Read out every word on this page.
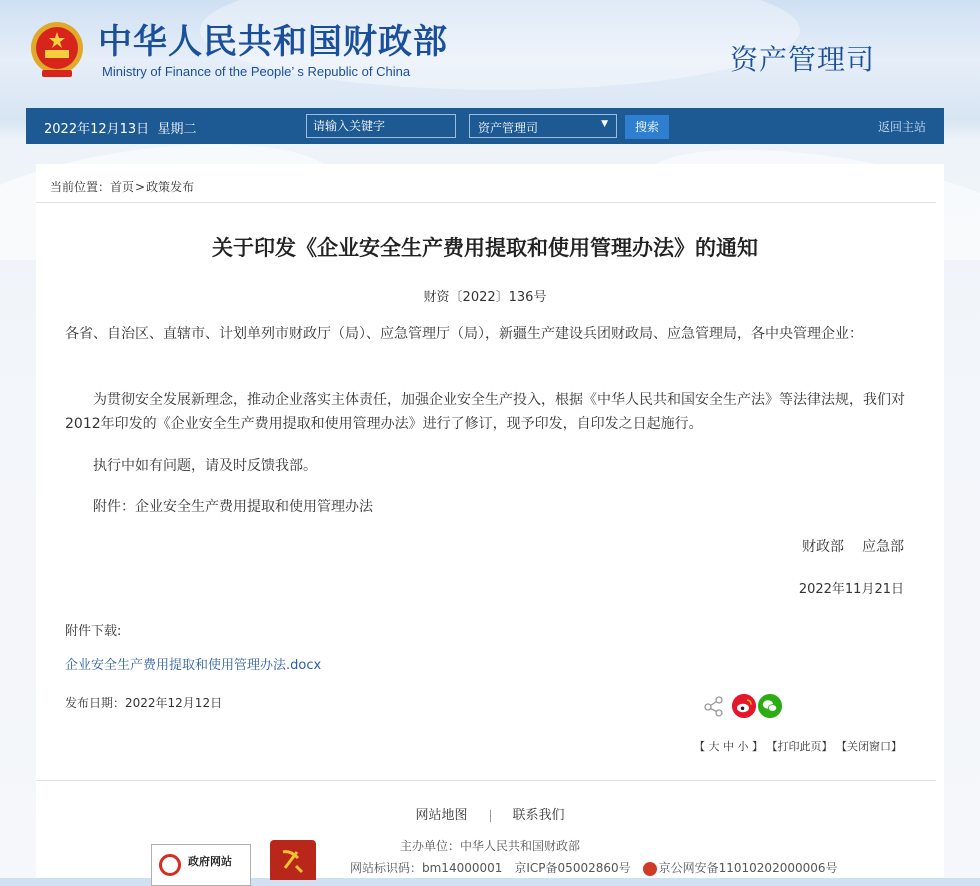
中华人民共和国财政部
Ministry of Finance of the People’ s Republic of China	资产管理司
2022年12月13日 星期二
请输入关键字	资产管理司	▼	搜索	返回主站
当前位置：首页>政策发布
关于印发《企业安全生产费用提取和使用管理办法》的通知
财资〔2022〕136号

各省、自治区、直辖市、计划单列市财政厅（局）、应急管理厅（局），新疆生产建设兵团财政局、应急管理局，各中央管理企业：

为贯彻安全发展新理念，推动企业落实主体责任，加强企业安全生产投入，根据《中华人民共和国安全生产法》等法律法规，我们对2012年印发的《企业安全生产费用提取和使用管理办法》进行了修订，现予印发，自印发之日起施行。

执行中如有问题，请及时反馈我部。

附件：企业安全生产费用提取和使用管理办法

财政部 应急部
2022年11月21日
附件下载:
企业安全生产费用提取和使用管理办法.docx
发布日期：2022年12月12日
【 大 中 小 】 【打印此页】 【关闭窗口】
网站地图	联系我们
主办单位：中华人民共和国财政部
政府网站	网站标识码：bm14000001 京ICP备05002860号 京公网安备11010202000006号
